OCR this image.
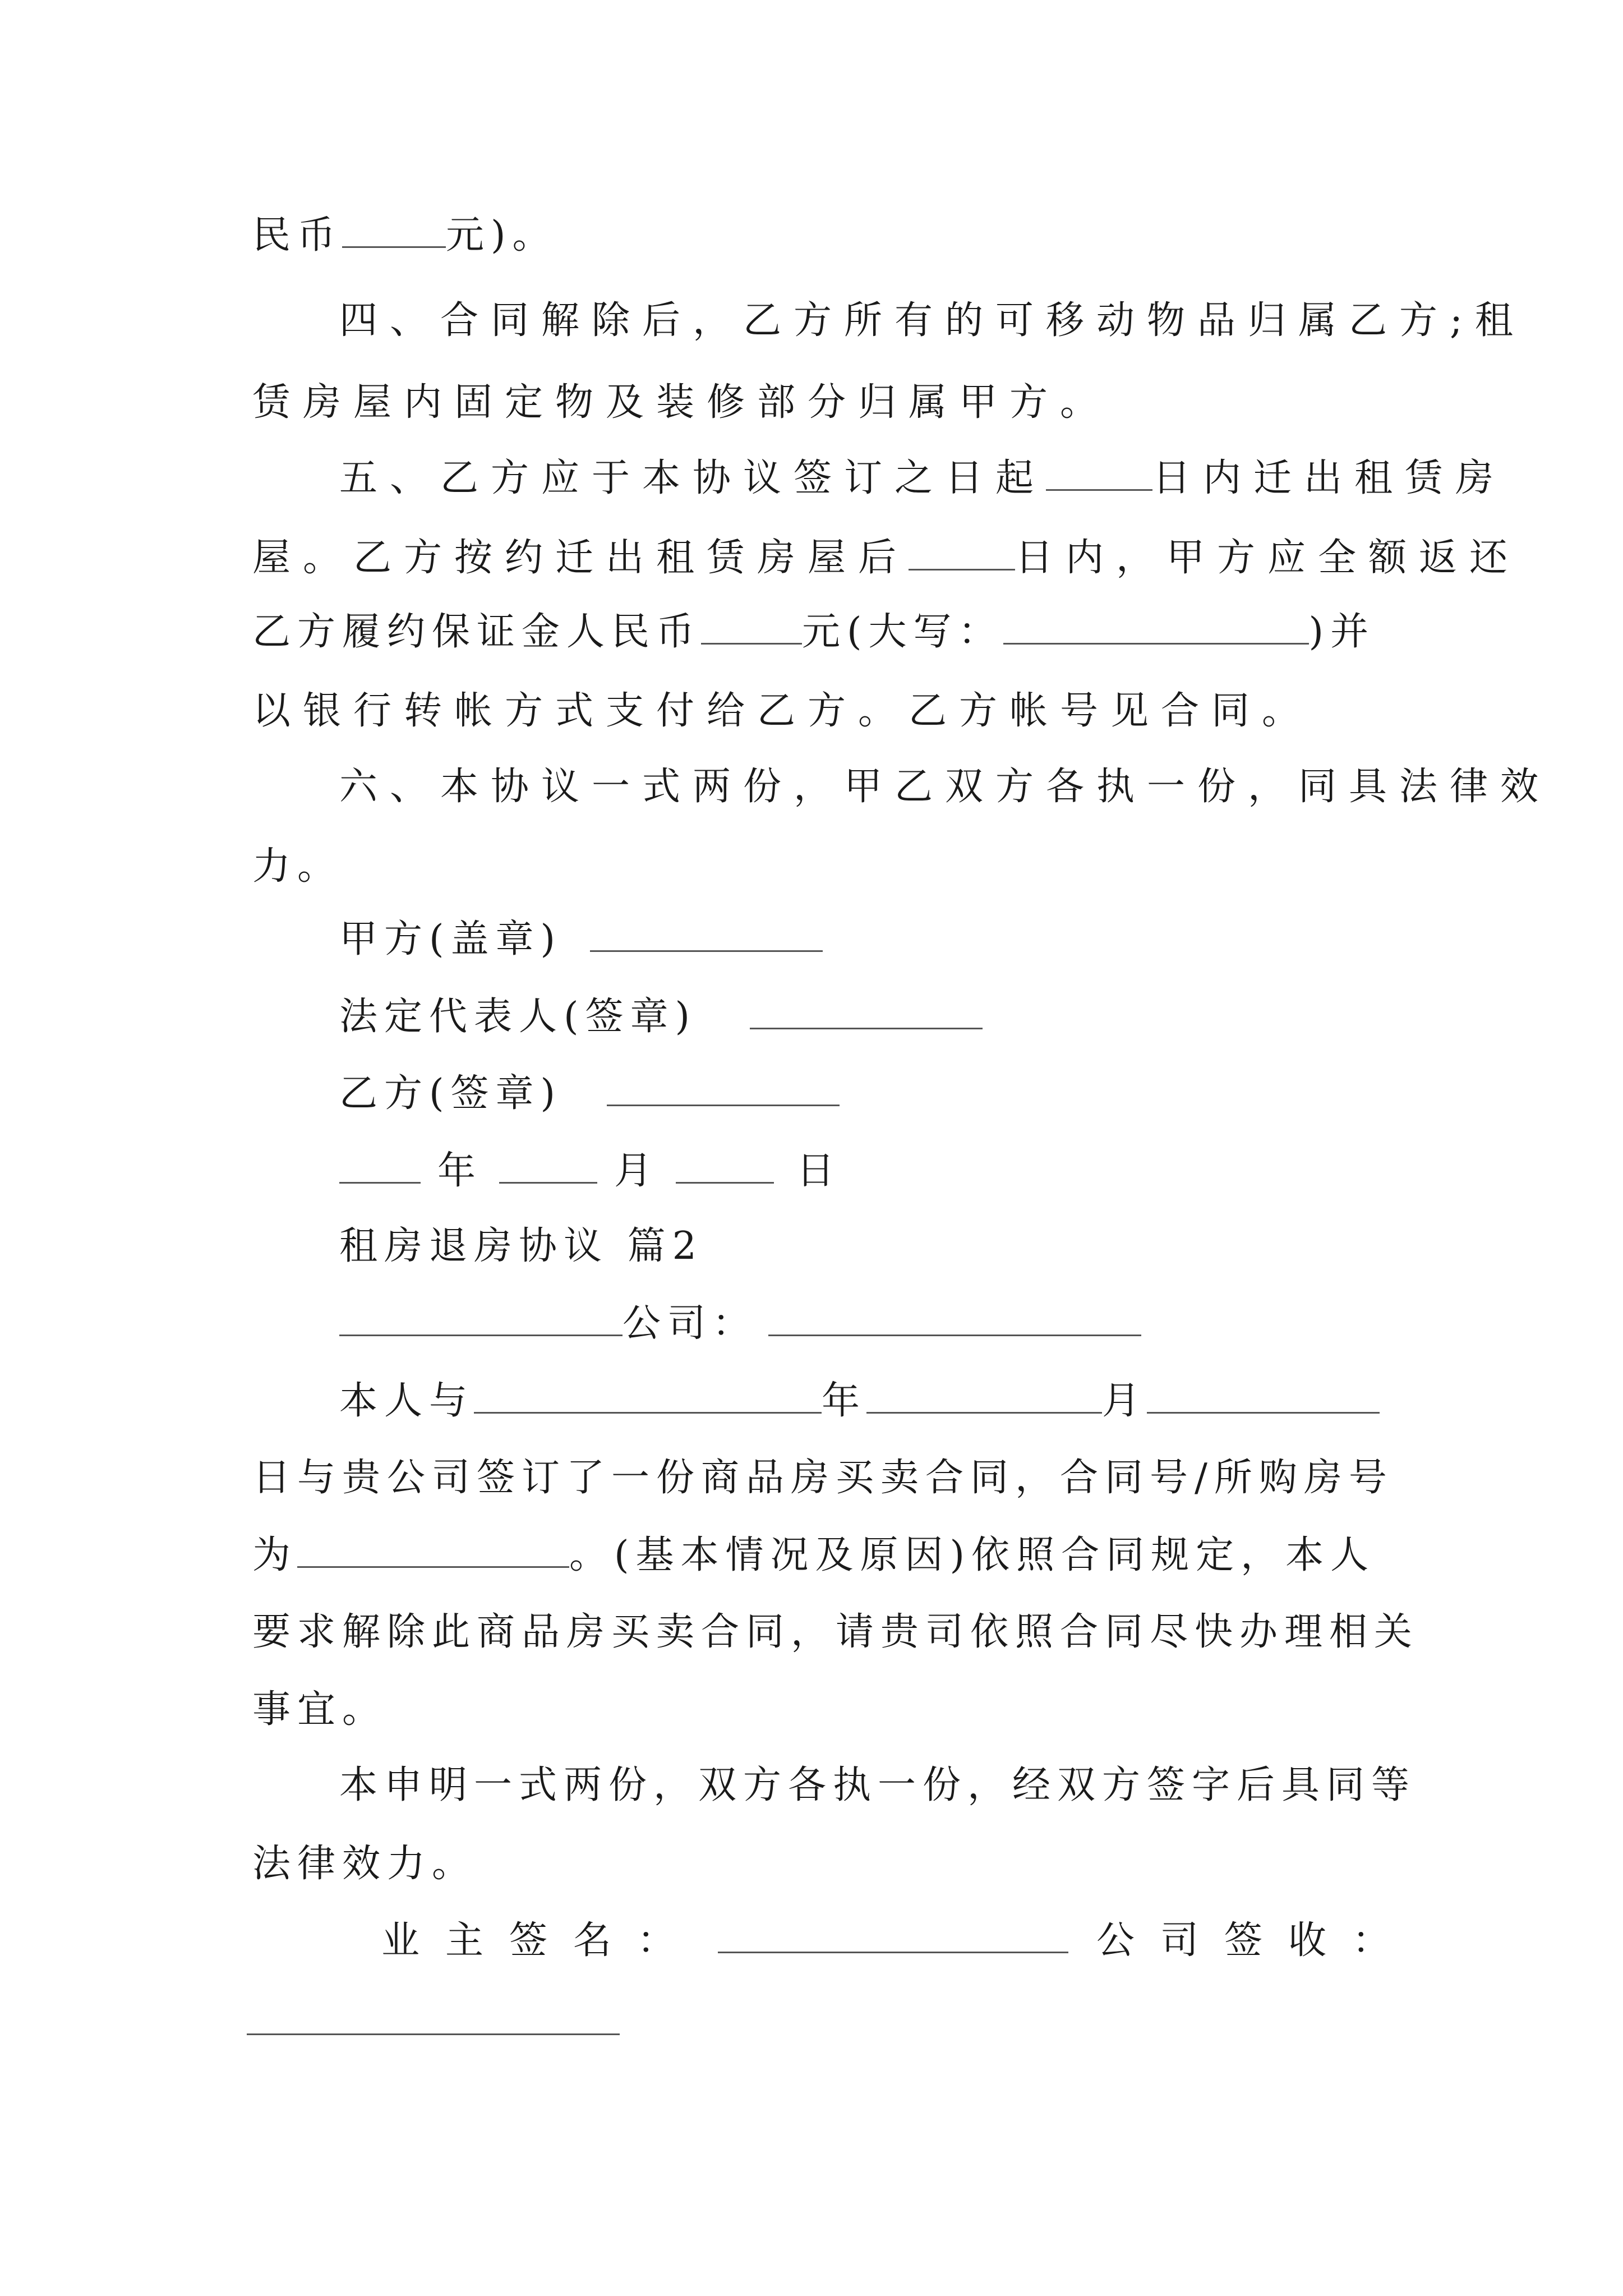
民币	元)。
四、合同解除后，乙方所有的可移动物品归属乙方;租
赁房屋内固定物及装修部分归属甲方。
五、乙方应于本协议签订之日起	日内迁出租赁房
屋。乙方按约迁出租赁房屋后	日内，甲方应全额返还
乙方履约保证金人民币	元(大写：	)并
以银行转帐方式支付给乙方。乙方帐号见合同。
六、本协议一式两份，甲乙双方各执一份，同具法律效
力。
甲方(盖章)
法定代表人(签章)
乙方(签章)
年	月	日
租房退房协议 篇2
公司：
本人与	年	月
日与贵公司签订了一份商品房买卖合同，合同号/所购房号
为	。(基本情况及原因)依照合同规定，本人
要求解除此商品房买卖合同，请贵司依照合同尽快办理相关
事宜。
本申明一式两份，双方各执一份，经双方签字后具同等
法律效力。
业主签名：	公司签收：
